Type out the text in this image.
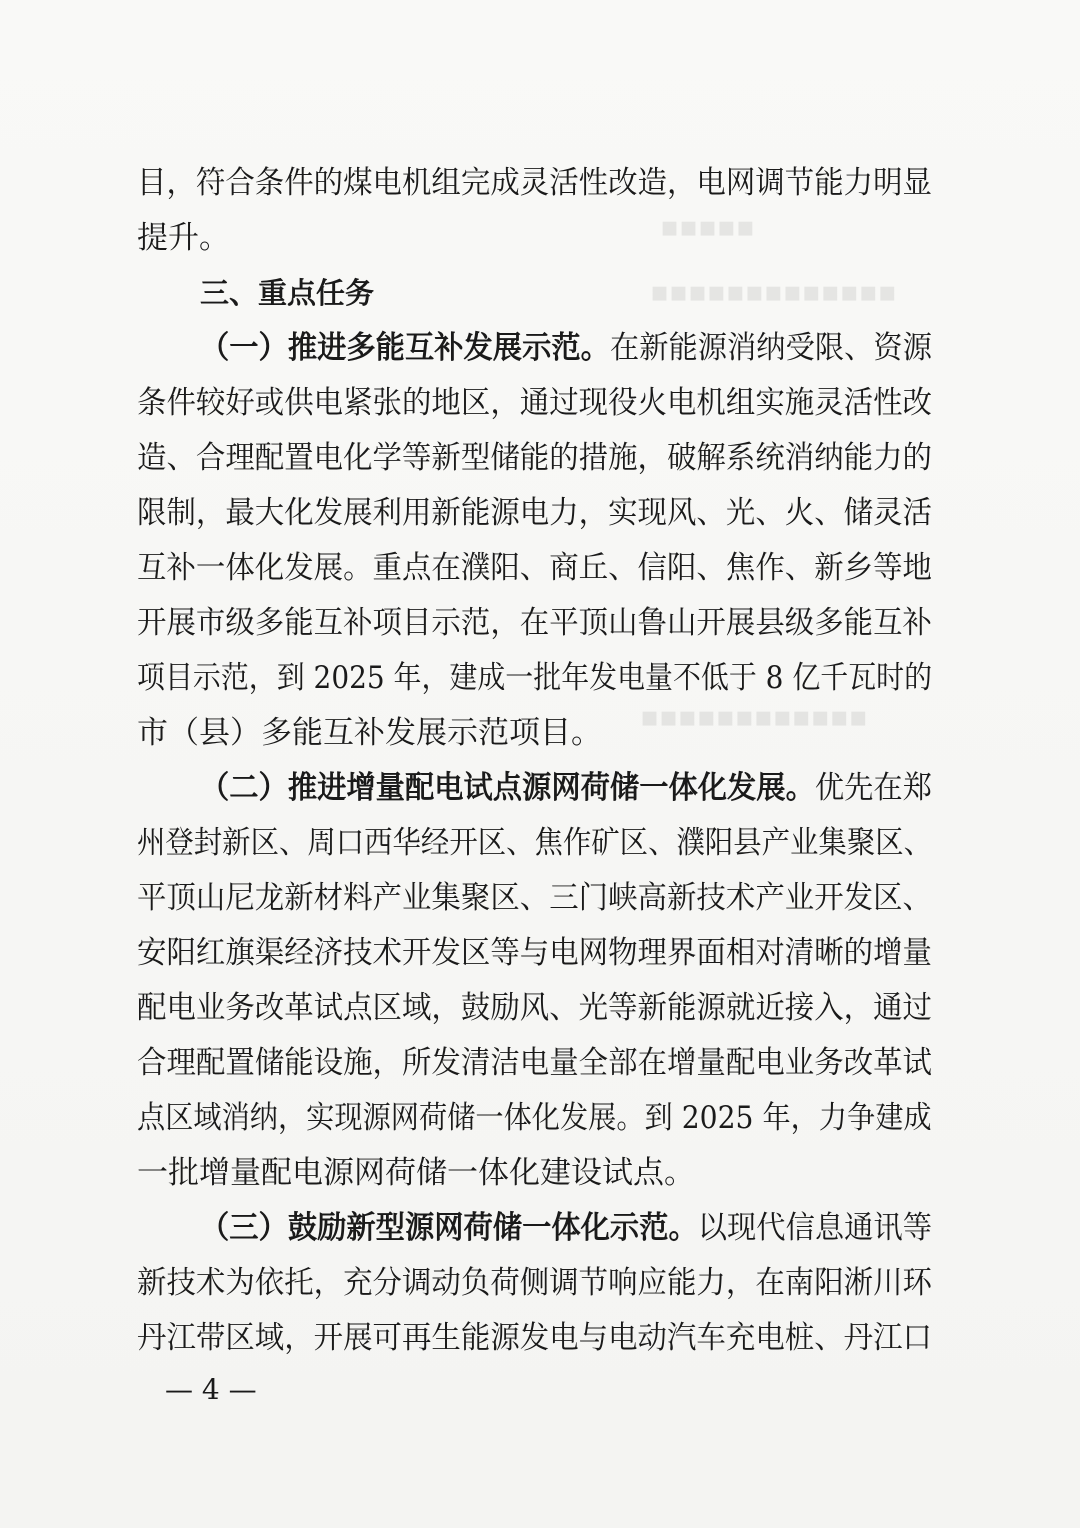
▪▪▪▪▪
▪▪▪▪▪▪▪▪▪▪▪▪▪
▪▪▪▪▪▪▪▪▪▪▪▪
目，符合条件的煤电机组完成灵活性改造，电网调节能力明显
提升。
三、重点任务
（一）推进多能互补发展示范。在新能源消纳受限、资源
条件较好或供电紧张的地区，通过现役火电机组实施灵活性改
造、合理配置电化学等新型储能的措施，破解系统消纳能力的
限制，最大化发展利用新能源电力，实现风、光、火、储灵活
互补一体化发展。重点在濮阳、商丘、信阳、焦作、新乡等地
开展市级多能互补项目示范，在平顶山鲁山开展县级多能互补
项目示范，到 2025 年，建成一批年发电量不低于 8 亿千瓦时的
市（县）多能互补发展示范项目。
（二）推进增量配电试点源网荷储一体化发展。优先在郑
州登封新区、周口西华经开区、焦作矿区、濮阳县产业集聚区、
平顶山尼龙新材料产业集聚区、三门峡高新技术产业开发区、
安阳红旗渠经济技术开发区等与电网物理界面相对清晰的增量
配电业务改革试点区域，鼓励风、光等新能源就近接入，通过
合理配置储能设施，所发清洁电量全部在增量配电业务改革试
点区域消纳，实现源网荷储一体化发展。到 2025 年，力争建成
一批增量配电源网荷储一体化建设试点。
（三）鼓励新型源网荷储一体化示范。以现代信息通讯等
新技术为依托，充分调动负荷侧调节响应能力，在南阳淅川环
丹江带区域，开展可再生能源发电与电动汽车充电桩、丹江口
— 4 —
